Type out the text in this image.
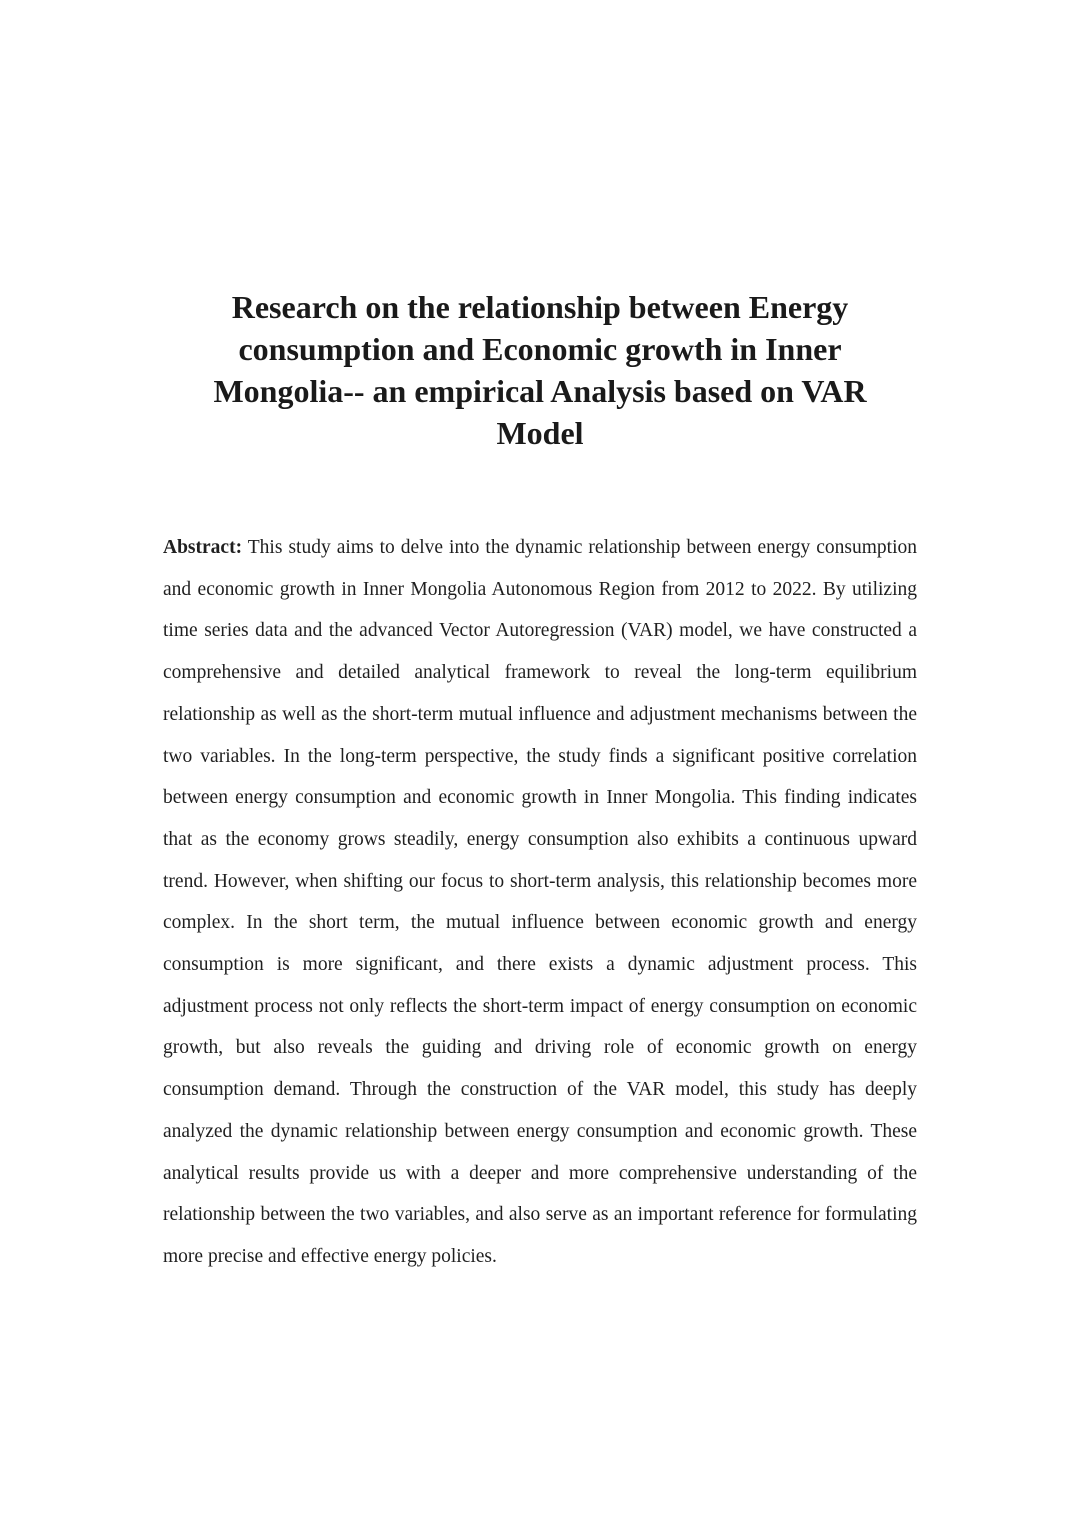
Research on the relationship between Energy consumption and Economic growth in Inner Mongolia-- an empirical Analysis based on VAR Model

Abstract: This study aims to delve into the dynamic relationship between energy consumption and economic growth in Inner Mongolia Autonomous Region from 2012 to 2022. By utilizing time series data and the advanced Vector Autoregression (VAR) model, we have constructed a comprehensive and detailed analytical framework to reveal the long-term equilibrium relationship as well as the short-term mutual influence and adjustment mechanisms between the two variables. In the long-term perspective, the study finds a significant positive correlation between energy consumption and economic growth in Inner Mongolia. This finding indicates that as the economy grows steadily, energy consumption also exhibits a continuous upward trend. However, when shifting our focus to short-term analysis, this relationship becomes more complex. In the short term, the mutual influence between economic growth and energy consumption is more significant, and there exists a dynamic adjustment process. This adjustment process not only reflects the short-term impact of energy consumption on economic growth, but also reveals the guiding and driving role of economic growth on energy consumption demand. Through the construction of the VAR model, this study has deeply analyzed the dynamic relationship between energy consumption and economic growth. These analytical results provide us with a deeper and more comprehensive understanding of the relationship between the two variables, and also serve as an important reference for formulating more precise and effective energy policies.
